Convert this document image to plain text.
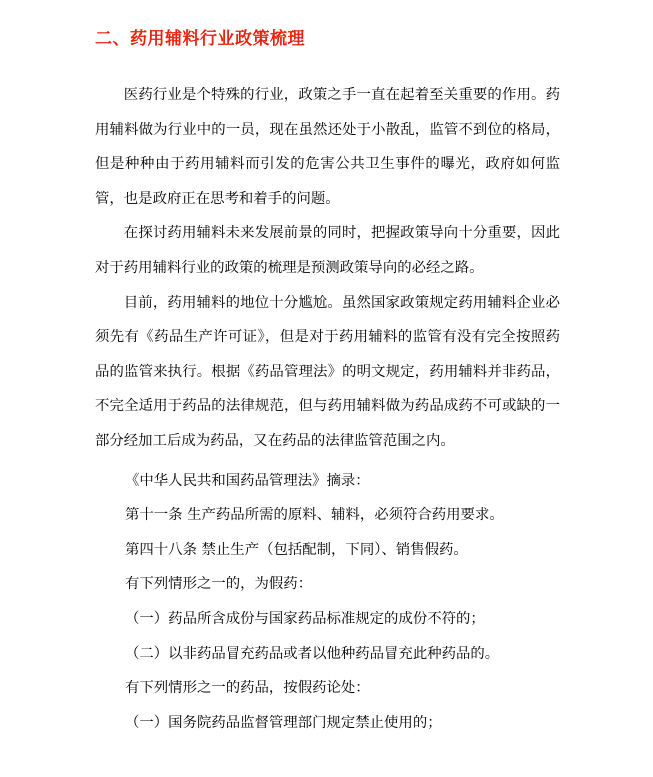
二、药用辅料行业政策梳理

医药行业是个特殊的行业，政策之手一直在起着至关重要的作用。药用辅料做为行业中的一员，现在虽然还处于小散乱，监管不到位的格局，但是种种由于药用辅料而引发的危害公共卫生事件的曝光，政府如何监管，也是政府正在思考和着手的问题。

在探讨药用辅料未来发展前景的同时，把握政策导向十分重要，因此对于药用辅料行业的政策的梳理是预测政策导向的必经之路。

目前，药用辅料的地位十分尴尬。虽然国家政策规定药用辅料企业必须先有《药品生产许可证》，但是对于药用辅料的监管有没有完全按照药品的监管来执行。根据《药品管理法》的明文规定，药用辅料并非药品，不完全适用于药品的法律规范，但与药用辅料做为药品成药不可或缺的一部分经加工后成为药品，又在药品的法律监管范围之内。

《中华人民共和国药品管理法》摘录：
第十一条 生产药品所需的原料、辅料，必须符合药用要求。
第四十八条 禁止生产（包括配制，下同）、销售假药。
有下列情形之一的，为假药：
（一）药品所含成份与国家药品标准规定的成份不符的；
（二）以非药品冒充药品或者以他种药品冒充此种药品的。
有下列情形之一的药品，按假药论处：
（一）国务院药品监督管理部门规定禁止使用的；
